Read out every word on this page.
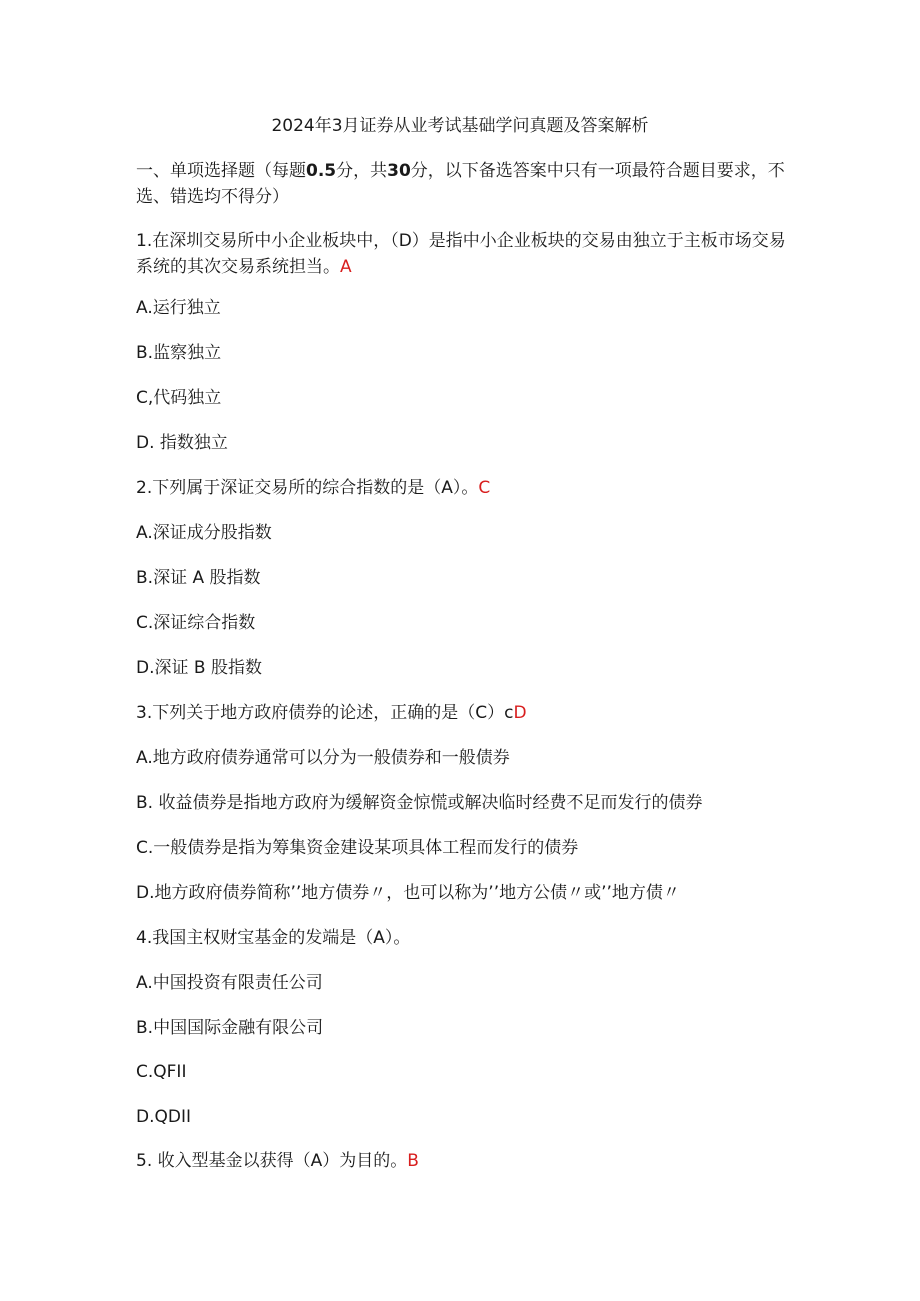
2024年3月证券从业考试基础学问真题及答案解析
一、单项选择题（每题0.5分，共30分，以下备选答案中只有一项最符合题目要求，不选、错选均不得分）
1.在深圳交易所中小企业板块中，（D）是指中小企业板块的交易由独立于主板市场交易系统的其次交易系统担当。A
A.运行独立
B.监察独立
C,代码独立
D. 指数独立
2.下列属于深证交易所的综合指数的是（A）。C
A.深证成分股指数
B.深证 A 股指数
C.深证综合指数
D.深证 B 股指数
3.下列关于地方政府债券的论述，正确的是（C）cD
A.地方政府债券通常可以分为一般债券和一般债券
B. 收益债券是指地方政府为缓解资金惊慌或解决临时经费不足而发行的债券
C.一般债券是指为筹集资金建设某项具体工程而发行的债券
D.地方政府债券简称’’地方债券〃，也可以称为’’地方公债〃或’’地方债〃
4.我国主权财宝基金的发端是（A）。
A.中国投资有限责任公司
B.中国国际金融有限公司
C.QFII
D.QDII
5. 收入型基金以获得（A）为目的。B
